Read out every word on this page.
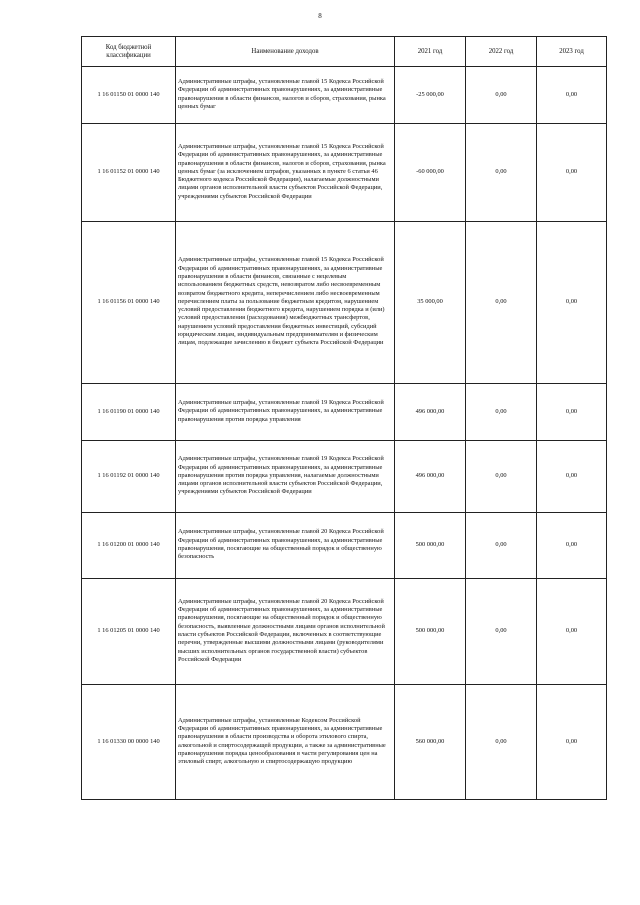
8
Код бюджетной классификации	Наименование доходов	2021 год	2022 год	2023 год
1 16 01150 01 0000 140	Административные штрафы, установленные главой 15 Кодекса Российской Федерации об административных правонарушениях, за административные правонарушения в области финансов, налогов и сборов, страхования, рынка ценных бумаг	-25 000,00	0,00	0,00
1 16 01152 01 0000 140	Административные штрафы, установленные главой 15 Кодекса Российской Федерации об административных правонарушениях, за административные правонарушения в области финансов, налогов и сборов, страхования, рынка ценных бумаг (за исключением штрафов, указанных в пункте 6 статьи 46 Бюджетного кодекса Российской Федерации), налагаемые должностными лицами органов исполнительной власти субъектов Российской Федерации, учреждениями субъектов Российской Федерации	-60 000,00	0,00	0,00
1 16 01156 01 0000 140	Административные штрафы, установленные главой 15 Кодекса Российской Федерации об административных правонарушениях, за административные правонарушения в области финансов, связанные с нецелевым использованием бюджетных средств, невозвратом либо несвоевременным возвратом бюджетного кредита, неперечислением либо несвоевременным перечислением платы за пользование бюджетным кредитом, нарушением условий предоставления бюджетного кредита, нарушением порядка и (или) условий предоставления (расходования) межбюджетных трансфертов, нарушением условий предоставления бюджетных инвестиций, субсидий юридическим лицам, индивидуальным предпринимателям и физическим лицам, подлежащие зачислению в бюджет субъекта Российской Федерации	35 000,00	0,00	0,00
1 16 01190 01 0000 140	Административные штрафы, установленные главой 19 Кодекса Российской Федерации об административных правонарушениях, за административные правонарушения против порядка управления	496 000,00	0,00	0,00
1 16 01192 01 0000 140	Административные штрафы, установленные главой 19 Кодекса Российской Федерации об административных правонарушениях, за административные правонарушения против порядка управления, налагаемые должностными лицами органов исполнительной власти субъектов Российской Федерации, учреждениями субъектов Российской Федерации	496 000,00	0,00	0,00
1 16 01200 01 0000 140	Административные штрафы, установленные главой 20 Кодекса Российской Федерации об административных правонарушениях, за административные правонарушения, посягающие на общественный порядок и общественную безопасность	500 000,00	0,00	0,00
1 16 01205 01 0000 140	Административные штрафы, установленные главой 20 Кодекса Российской Федерации об административных правонарушениях, за административные правонарушения, посягающие на общественный порядок и общественную безопасность, выявленные должностными лицами органов исполнительной власти субъектов Российской Федерации, включенных в соответствующие перечни, утвержденные высшими должностными лицами (руководителями высших исполнительных органов государственной власти) субъектов Российской Федерации	500 000,00	0,00	0,00
1 16 01330 00 0000 140	Административные штрафы, установленные Кодексом Российской Федерации об административных правонарушениях, за административные правонарушения в области производства и оборота этилового спирта, алкогольной и спиртосодержащей продукции, а также за административные правонарушения порядка ценообразования в части регулирования цен на этиловый спирт, алкогольную и спиртосодержащую продукцию	560 000,00	0,00	0,00
